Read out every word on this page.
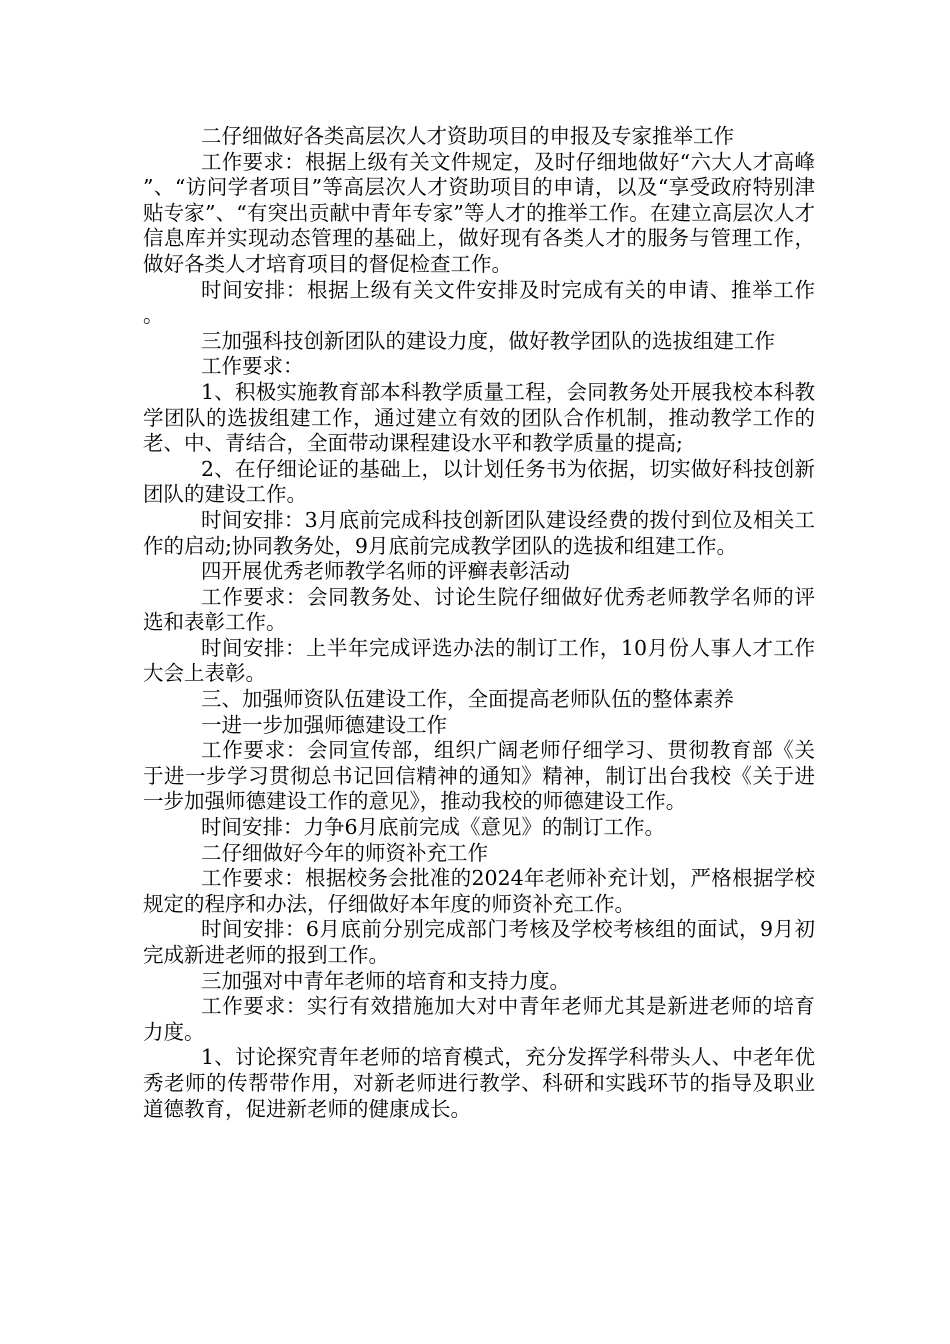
二仔细做好各类高层次人才资助项目的申报及专家推举工作

工作要求：根据上级有关文件规定，及时仔细地做好“六大人才高峰”、“访问学者项目”等高层次人才资助项目的申请，以及“享受政府特别津贴专家”、“有突出贡献中青年专家”等人才的推举工作。在建立高层次人才信息库并实现动态管理的基础上，做好现有各类人才的服务与管理工作，做好各类人才培育项目的督促检查工作。

时间安排：根据上级有关文件安排及时完成有关的申请、推举工作。

三加强科技创新团队的建设力度，做好教学团队的选拔组建工作

工作要求：

1、积极实施教育部本科教学质量工程，会同教务处开展我校本科教学团队的选拔组建工作，通过建立有效的团队合作机制，推动教学工作的老、中、青结合，全面带动课程建设水平和教学质量的提高;

2、在仔细论证的基础上，以计划任务书为依据，切实做好科技创新团队的建设工作。

时间安排：3月底前完成科技创新团队建设经费的拨付到位及相关工作的启动;协同教务处，9月底前完成教学团队的选拔和组建工作。

四开展优秀老师教学名师的评癣表彰活动

工作要求：会同教务处、讨论生院仔细做好优秀老师教学名师的评选和表彰工作。

时间安排：上半年完成评选办法的制订工作，10月份人事人才工作大会上表彰。

三、加强师资队伍建设工作，全面提高老师队伍的整体素养

一进一步加强师德建设工作

工作要求：会同宣传部，组织广阔老师仔细学习、贯彻教育部《关于进一步学习贯彻总书记回信精神的通知》精神，制订出台我校《关于进一步加强师德建设工作的意见》，推动我校的师德建设工作。

时间安排：力争6月底前完成《意见》的制订工作。

二仔细做好今年的师资补充工作

工作要求：根据校务会批准的2024年老师补充计划，严格根据学校规定的程序和办法，仔细做好本年度的师资补充工作。

时间安排：6月底前分别完成部门考核及学校考核组的面试，9月初完成新进老师的报到工作。

三加强对中青年老师的培育和支持力度。

工作要求：实行有效措施加大对中青年老师尤其是新进老师的培育力度。

1、讨论探究青年老师的培育模式，充分发挥学科带头人、中老年优秀老师的传帮带作用，对新老师进行教学、科研和实践环节的指导及职业道德教育，促进新老师的健康成长。
